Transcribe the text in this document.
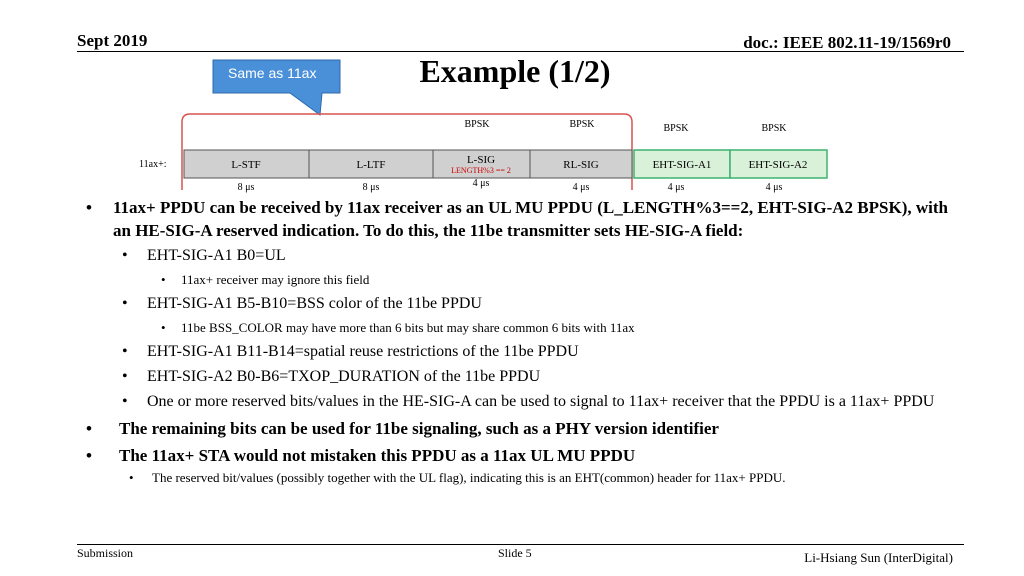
Sept 2019	doc.: IEEE 802.11-19/1569r0
Example (1/2)
Same as 11ax
BPSK	BPSK	BPSK	BPSK
11ax+:	L-STF	L-LTF	L-SIG
LENGTH%3 == 2	RL-SIG	EHT-SIG-A1	EHT-SIG-A2
8 μs	8 μs	4 μs	4 μs	4 μs	4 μs
• 11ax+ PPDU can be received by 11ax receiver as an UL MU PPDU (L_LENGTH%3==2, EHT-SIG-A2 BPSK), with an HE-SIG-A reserved indication. To do this, the 11be transmitter sets HE-SIG-A field:
• EHT-SIG-A1 B0=UL
• 11ax+ receiver may ignore this field
• EHT-SIG-A1 B5-B10=BSS color of the 11be PPDU
• 11be BSS_COLOR may have more than 6 bits but may share common 6 bits with 11ax
• EHT-SIG-A1 B11-B14=spatial reuse restrictions of the 11be PPDU
• EHT-SIG-A2 B0-B6=TXOP_DURATION of the 11be PPDU
• One or more reserved bits/values in the HE-SIG-A can be used to signal to 11ax+ receiver that the PPDU is a 11ax+ PPDU
• The remaining bits can be used for 11be signaling, such as a PHY version identifier
• The 11ax+ STA would not mistaken this PPDU as a 11ax UL MU PPDU
• The reserved bit/values (possibly together with the UL flag), indicating this is an EHT(common) header for 11ax+ PPDU.
Submission	Slide 5	Li-Hsiang Sun (InterDigital)
